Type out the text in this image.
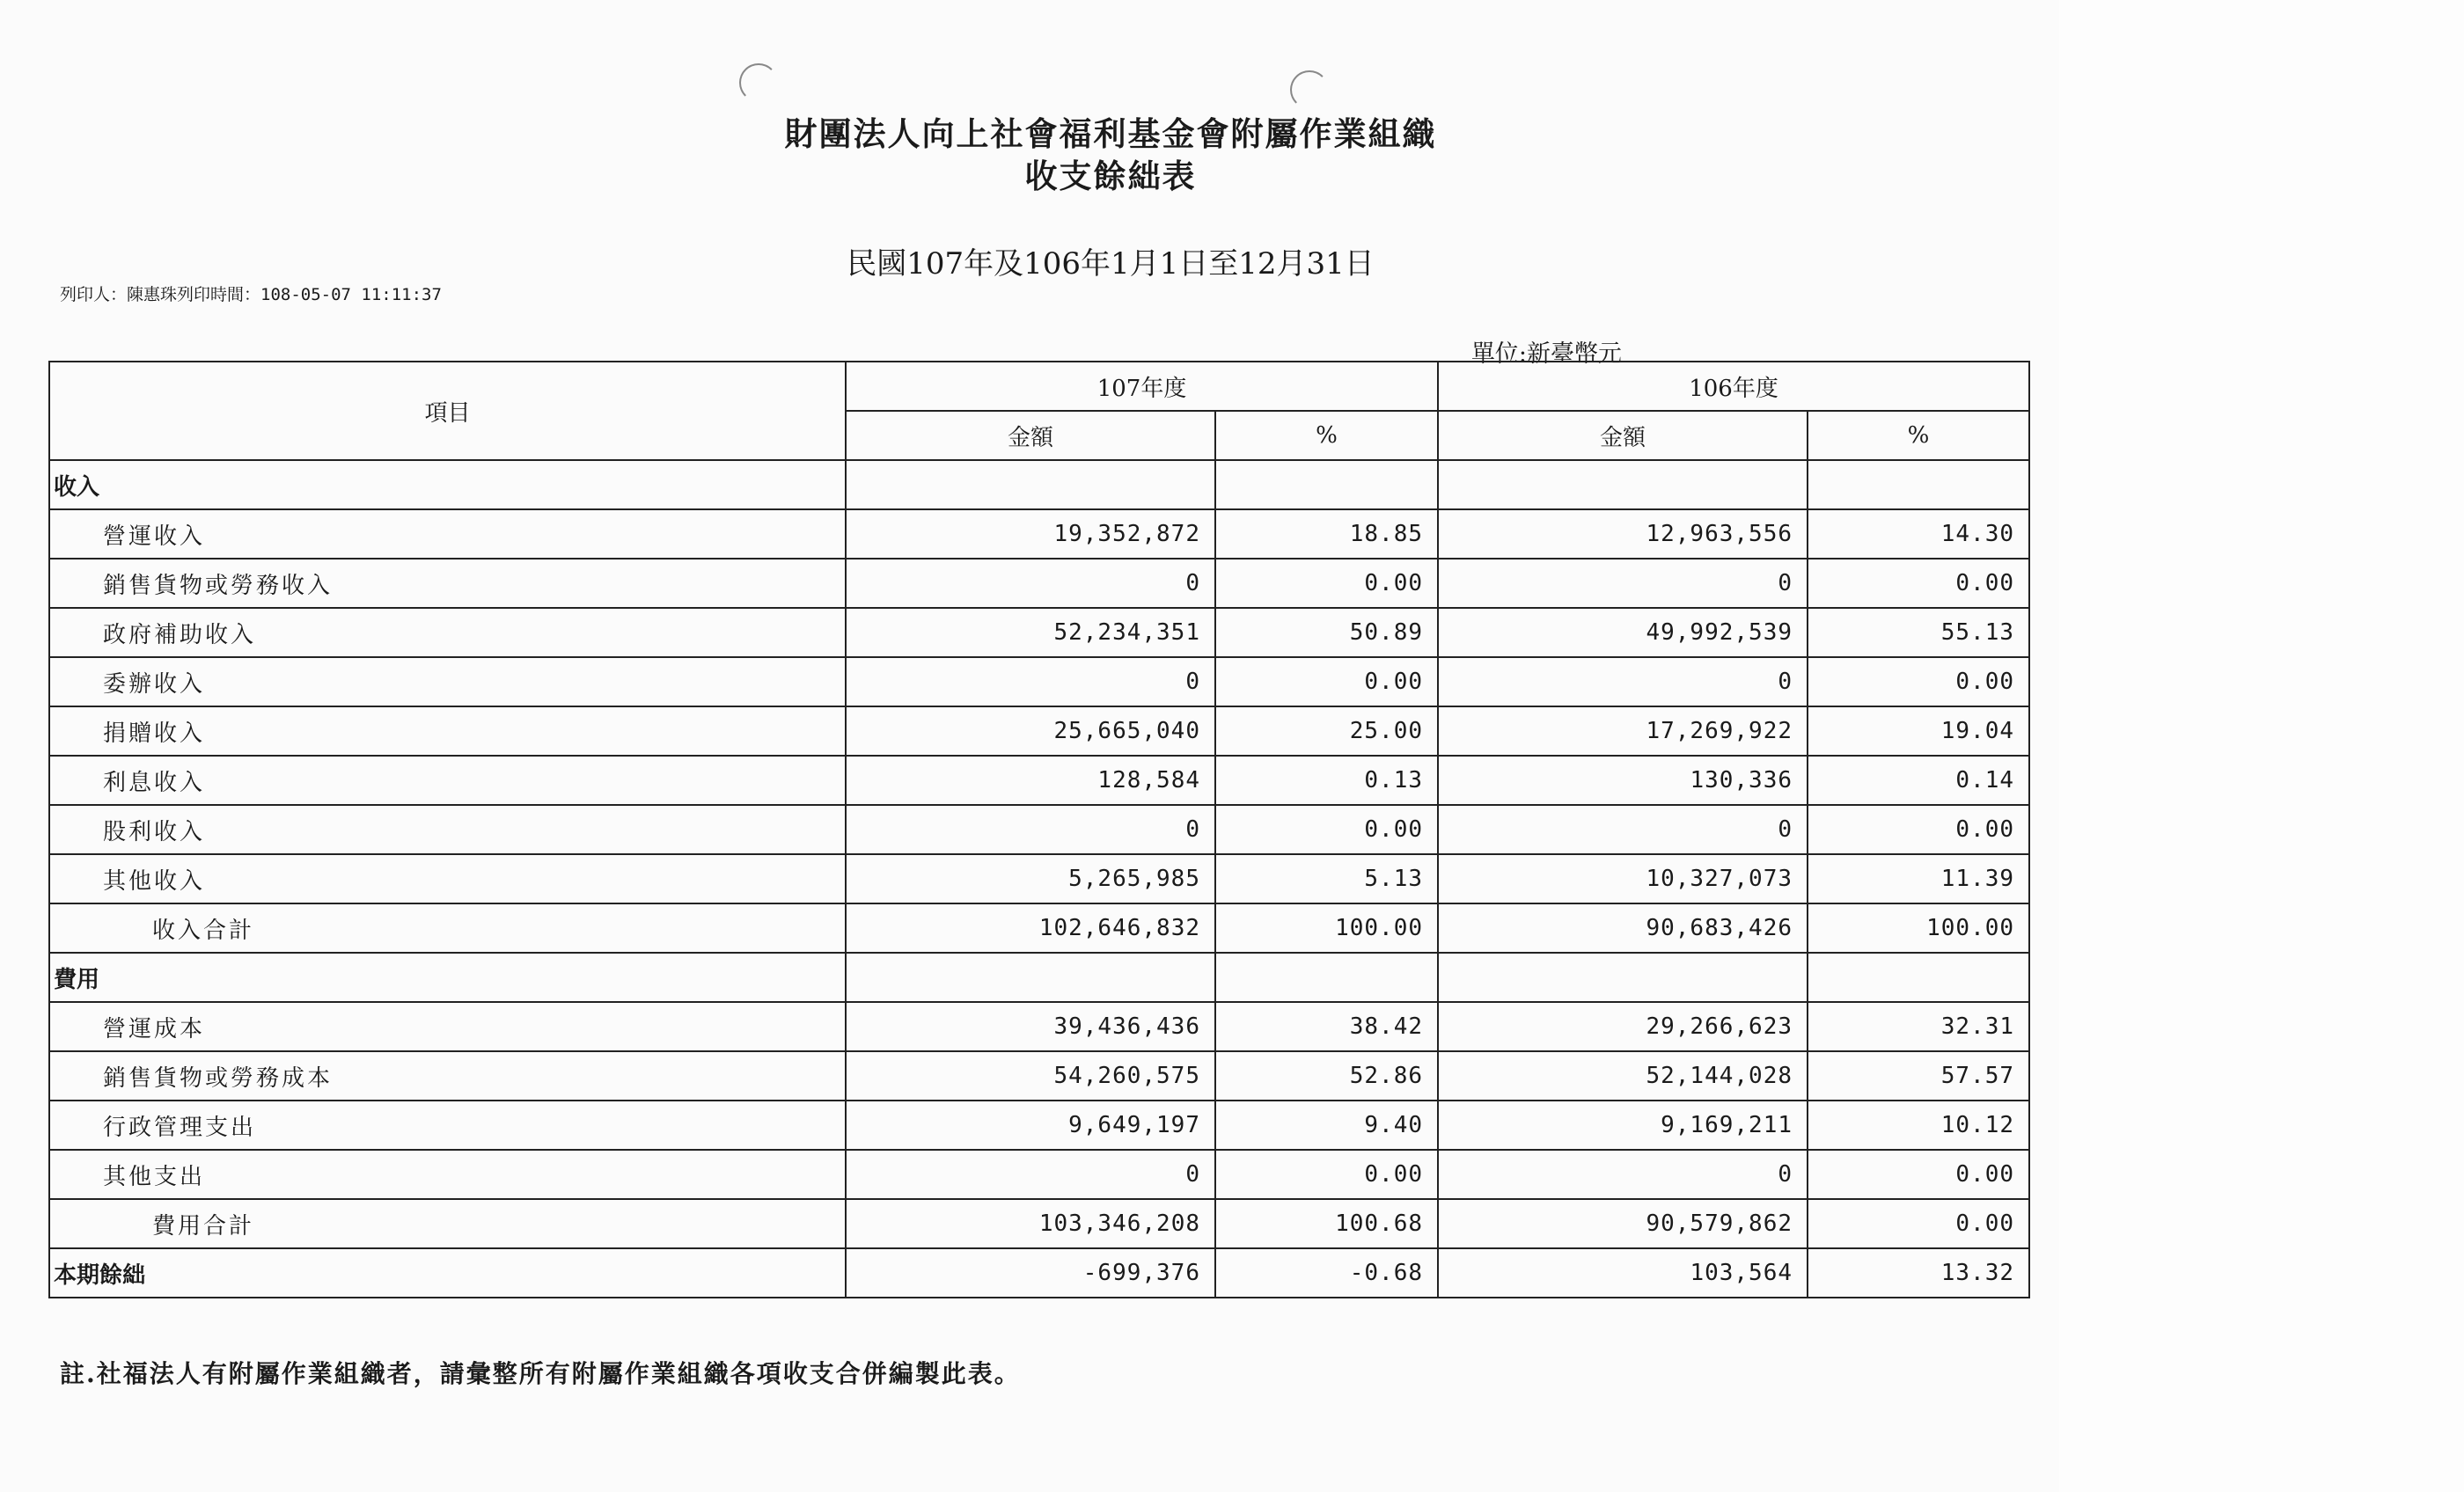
財團法人向上社會福利基金會附屬作業組織
收支餘絀表
民國107年及106年1月1日至12月31日
列印人：陳惠珠列印時間：108-05-07 11:11:37
單位:新臺幣元
項目	107年度		106年度	
	金額	%	金額	%
收入				
營運收入	19,352,872	18.85	12,963,556	14.30
銷售貨物或勞務收入	0	0.00	0	0.00
政府補助收入	52,234,351	50.89	49,992,539	55.13
委辦收入	0	0.00	0	0.00
捐贈收入	25,665,040	25.00	17,269,922	19.04
利息收入	128,584	0.13	130,336	0.14
股利收入	0	0.00	0	0.00
其他收入	5,265,985	5.13	10,327,073	11.39
收入合計	102,646,832	100.00	90,683,426	100.00
費用				
營運成本	39,436,436	38.42	29,266,623	32.31
銷售貨物或勞務成本	54,260,575	52.86	52,144,028	57.57
行政管理支出	9,649,197	9.40	9,169,211	10.12
其他支出	0	0.00	0	0.00
費用合計	103,346,208	100.68	90,579,862	0.00
本期餘絀	-699,376	-0.68	103,564	13.32
註.社福法人有附屬作業組織者，請彙整所有附屬作業組織各項收支合併編製此表。
